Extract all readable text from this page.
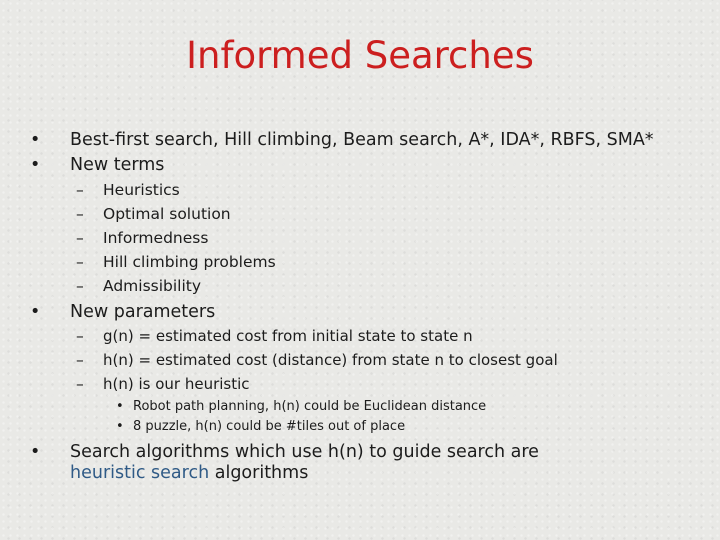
Informed Searches
• Best-first search, Hill climbing, Beam search, A*, IDA*, RBFS, SMA*
• New terms
– Heuristics
– Optimal solution
– Informedness
– Hill climbing problems
– Admissibility
• New parameters
– g(n) = estimated cost from initial state to state n
– h(n) = estimated cost (distance) from state n to closest goal
– h(n) is our heuristic
• Robot path planning, h(n) could be Euclidean distance
• 8 puzzle, h(n) could be #tiles out of place
• Search algorithms which use h(n) to guide search are
heuristic search algorithms
